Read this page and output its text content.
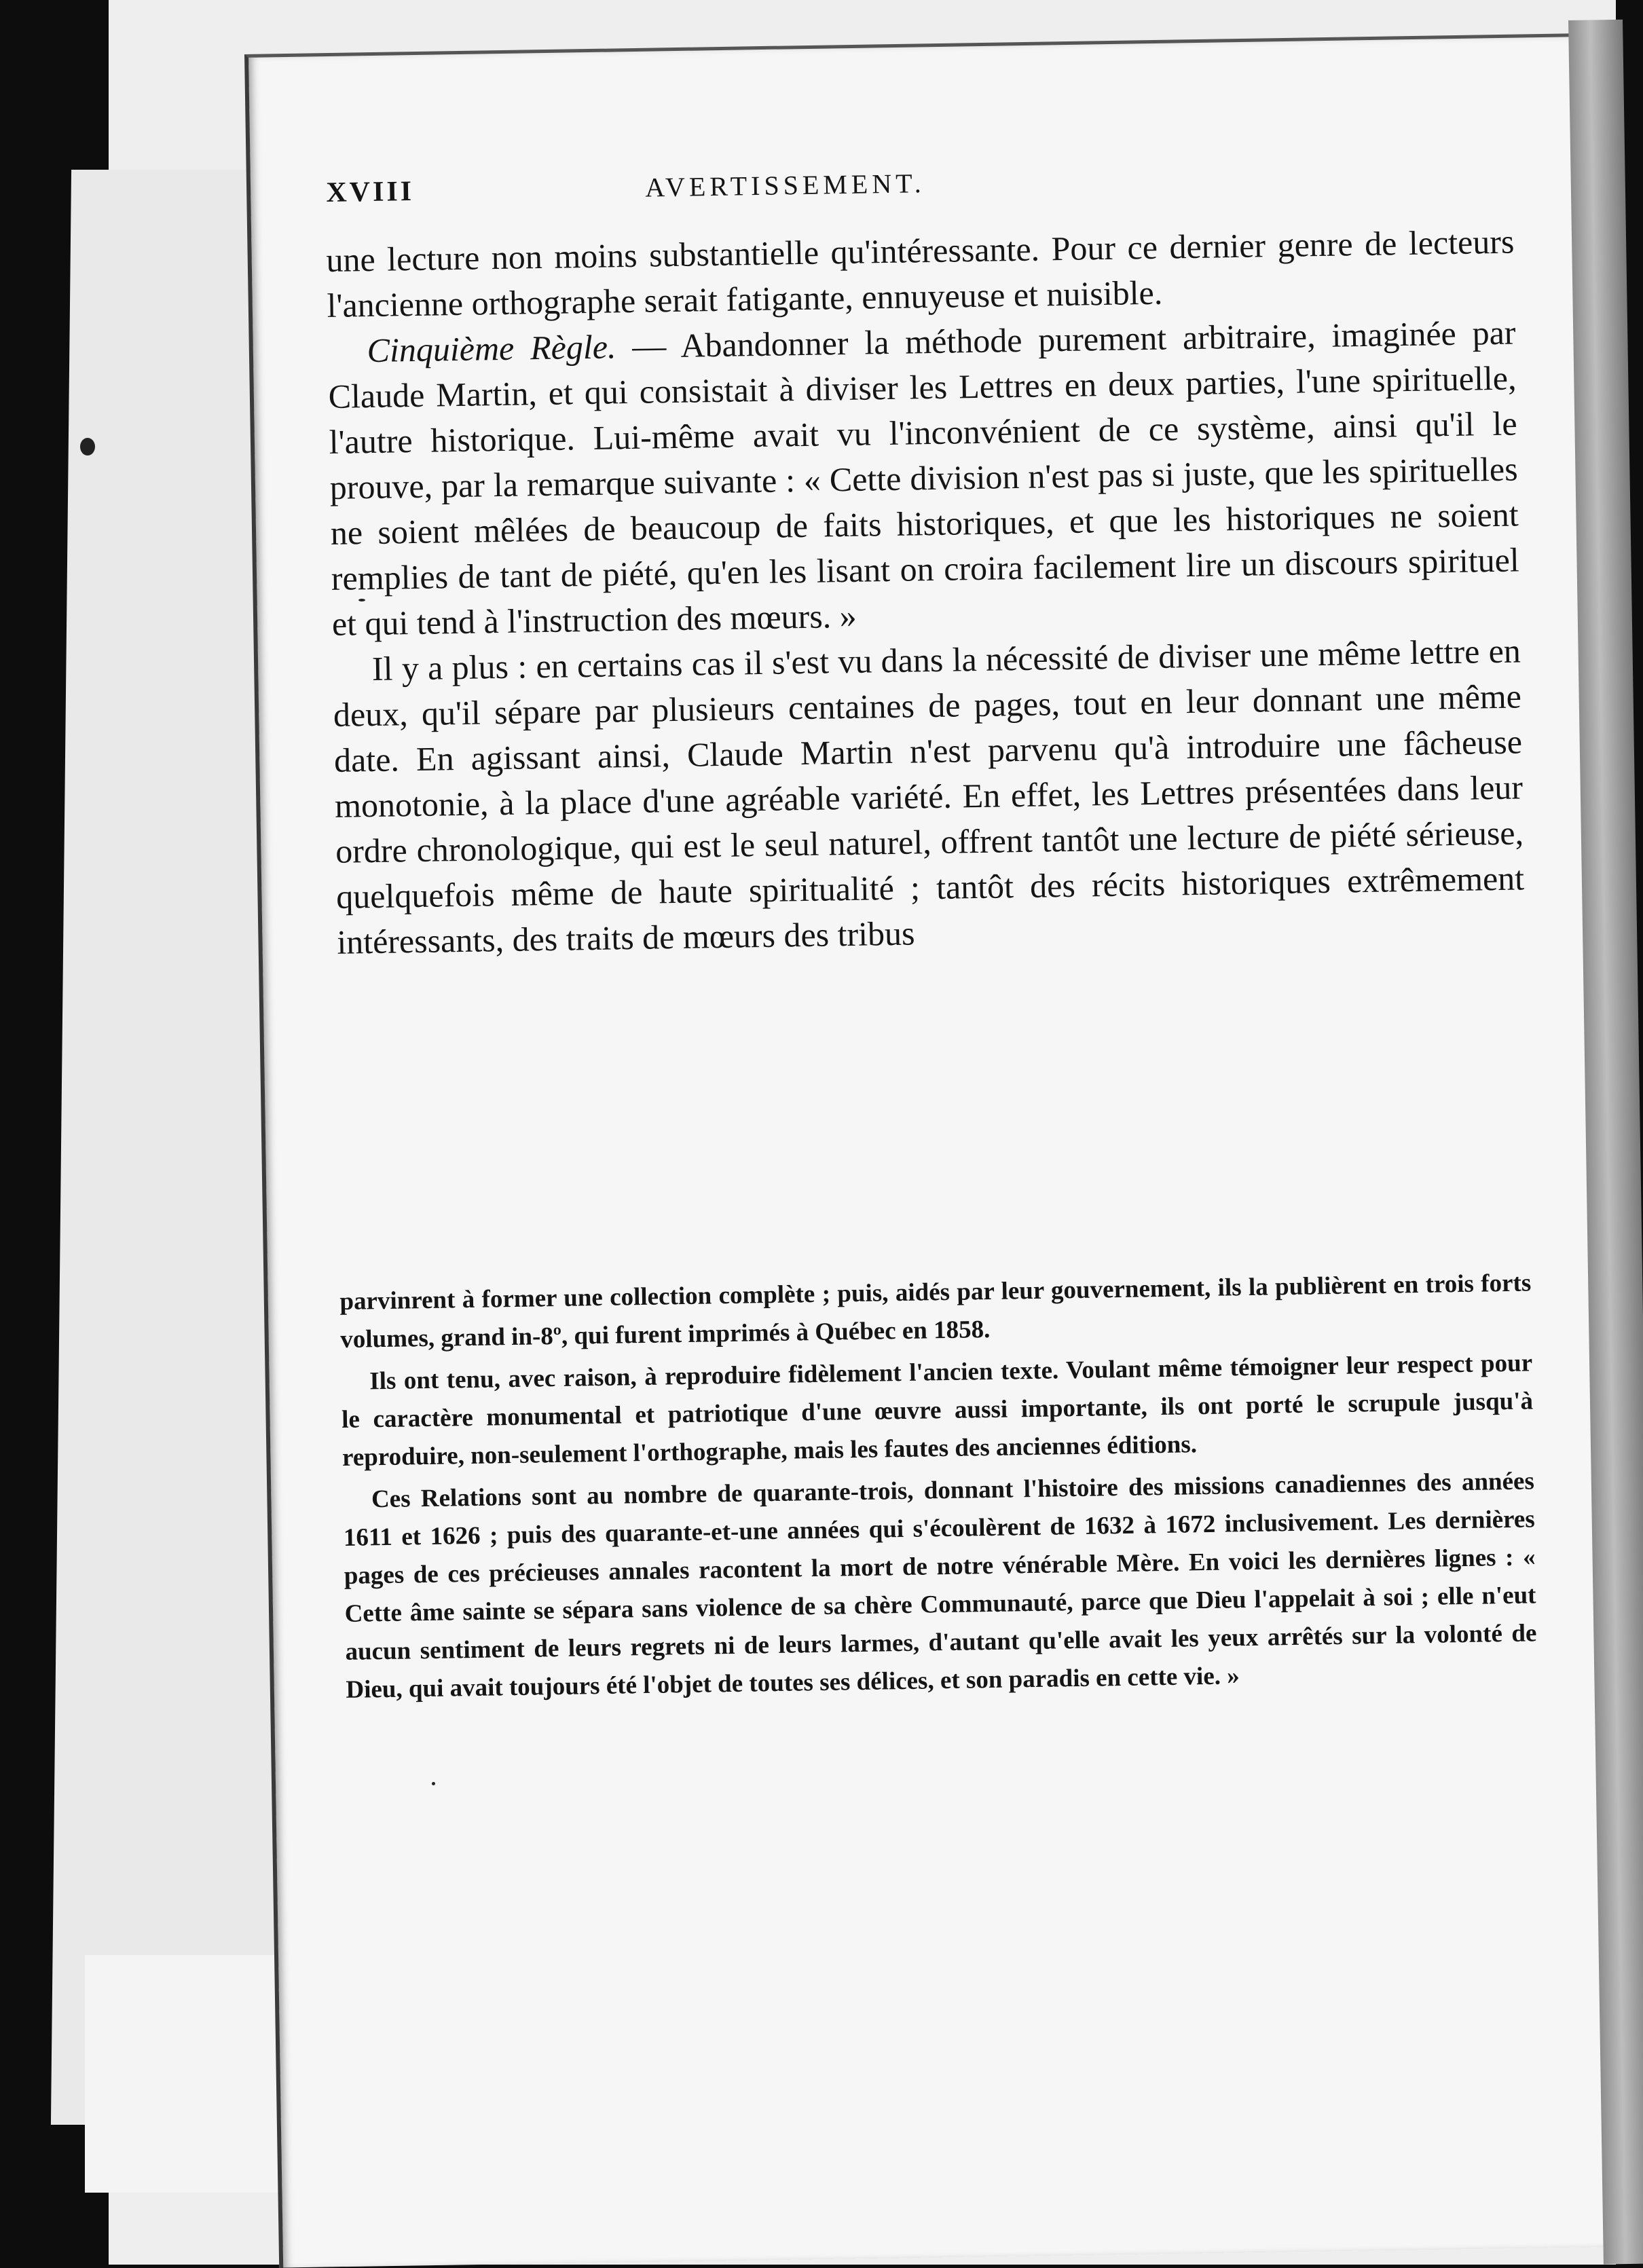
XVIII	AVERTISSEMENT.

une lecture non moins substantielle qu'intéressante. Pour ce dernier genre de lecteurs l'ancienne orthographe serait fatigante, ennuyeuse et nuisible.

Cinquième Règle. — Abandonner la méthode purement arbitraire, imaginée par Claude Martin, et qui consistait à diviser les Lettres en deux parties, l'une spirituelle, l'autre historique. Lui-même avait vu l'inconvénient de ce système, ainsi qu'il le prouve, par la remarque suivante : « Cette division n'est pas si juste, que les spirituelles ne soient mêlées de beaucoup de faits historiques, et que les historiques ne soient remplies de tant de piété, qu'en les lisant on croira facilement lire un discours spirituel et qui tend à l'instruction des mœurs. »

Il y a plus : en certains cas il s'est vu dans la nécessité de diviser une même lettre en deux, qu'il sépare par plusieurs centaines de pages, tout en leur donnant une même date. En agissant ainsi, Claude Martin n'est parvenu qu'à introduire une fâcheuse monotonie, à la place d'une agréable variété. En effet, les Lettres présentées dans leur ordre chronologique, qui est le seul naturel, offrent tantôt une lecture de piété sérieuse, quelquefois même de haute spiritualité ; tantôt des récits historiques extrêmement intéressants, des traits de mœurs des tribus

parvinrent à former une collection complète ; puis, aidés par leur gouvernement, ils la publièrent en trois forts volumes, grand in-8º, qui furent imprimés à Québec en 1858.

Ils ont tenu, avec raison, à reproduire fidèlement l'ancien texte. Voulant même témoigner leur respect pour le caractère monumental et patriotique d'une œuvre aussi importante, ils ont porté le scrupule jusqu'à reproduire, non-seulement l'orthographe, mais les fautes des anciennes éditions.

Ces Relations sont au nombre de quarante-trois, donnant l'histoire des missions canadiennes des années 1611 et 1626 ; puis des quarante-et-une années qui s'écoulèrent de 1632 à 1672 inclusivement. Les dernières pages de ces précieuses annales racontent la mort de notre vénérable Mère. En voici les dernières lignes : « Cette âme sainte se sépara sans violence de sa chère Communauté, parce que Dieu l'appelait à soi ; elle n'eut aucun sentiment de leurs regrets ni de leurs larmes, d'autant qu'elle avait les yeux arrêtés sur la volonté de Dieu, qui avait toujours été l'objet de toutes ses délices, et son paradis en cette vie. »
